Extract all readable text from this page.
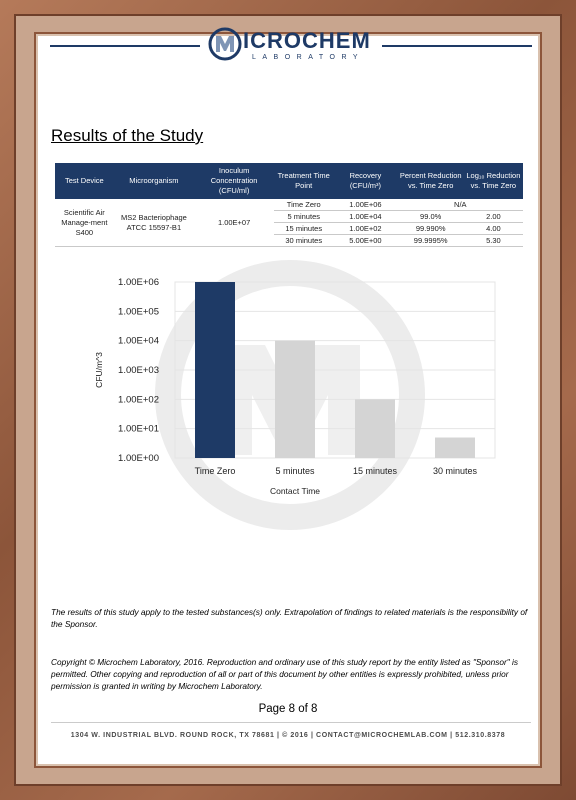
ICROCHEM
LABORATORY
Results of the Study
Test Device	Microorganism	Inoculum Concentration (CFU/ml)	Treatment Time Point	Recovery (CFU/m³)	Percent Reduction vs. Time Zero	Log₁₀ Reduction vs. Time Zero
Scientific Air Manage-ment S400	MS2 Bacteriophage ATCC 15597-B1	1.00E+07	Time Zero	1.00E+06	N/A	
			5 minutes	1.00E+04	99.0%	2.00
			15 minutes	1.00E+02	99.990%	4.00
			30 minutes	5.00E+00	99.9995%	5.30
1.00E+00
1.00E+01
1.00E+02
1.00E+03
1.00E+04
1.00E+05
1.00E+06
Time Zero	5 minutes	15 minutes	30 minutes
Contact Time
CFU/m^3
The results of this study apply to the tested substances(s) only. Extrapolation of findings to related materials is the responsibility of the Sponsor.
Copyright © Microchem Laboratory, 2016. Reproduction and ordinary use of this study report by the entity listed as "Sponsor" is permitted. Other copying and reproduction of all or part of this document by other entities is expressly prohibited, unless prior permission is granted in writing by Microchem Laboratory.
Page 8 of 8
1304 W. INDUSTRIAL BLVD. ROUND ROCK, TX 78681 | © 2016 | CONTACT@MICROCHEMLAB.COM | 512.310.8378
